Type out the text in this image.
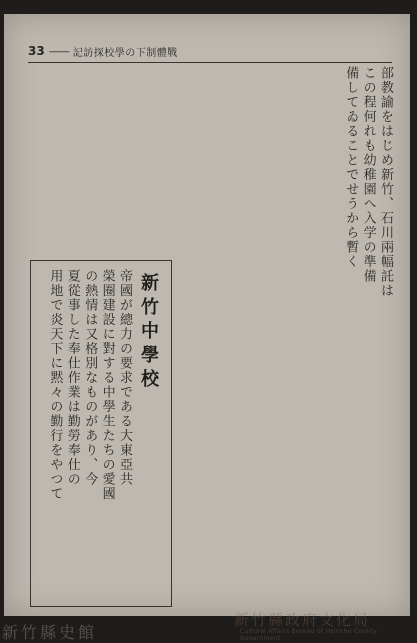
33 —— 記訪探校學の下制體戰
部教諭をはじめ新竹、石川兩幅託は
この程何れも幼稚園へ入学の準備
備してゐることでせうから暫く
新竹中學校
帝國が總力の要求である大東亞共
榮圈建設に對する中學生たちの愛國
の熱情は又格別なものがあり、今
夏從事した奉仕作業は勤勞奉仕の
用地で炎天下に黙々の勤行をやつて
新竹縣政府文化局
Cultural Affairs Bureau of Hsinchu County Government
新竹縣史館
